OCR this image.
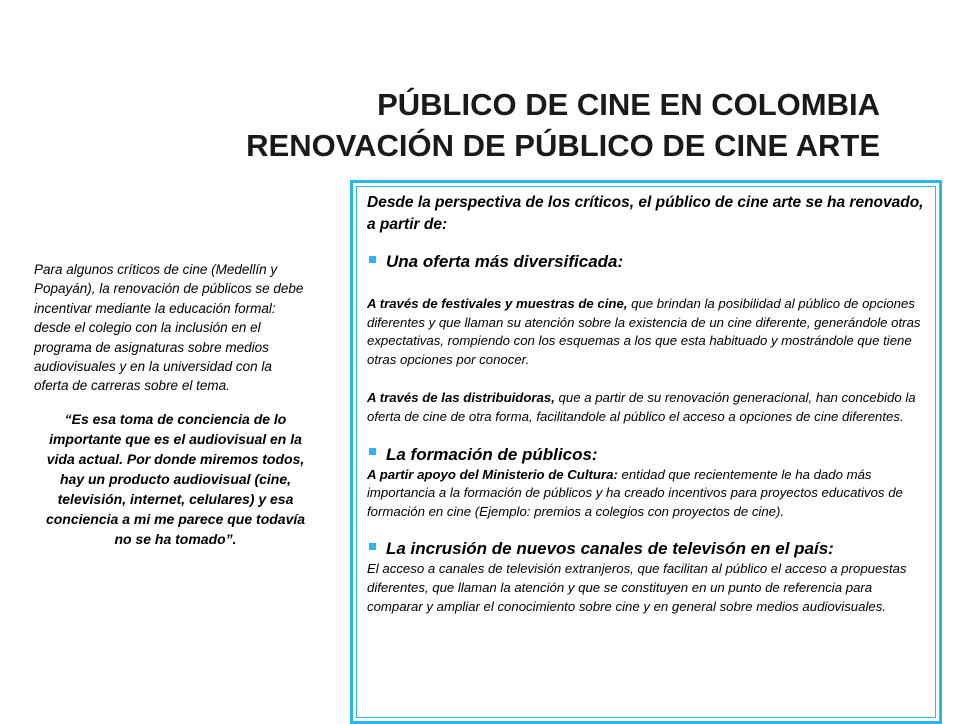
PÚBLICO DE CINE EN COLOMBIA
RENOVACIÓN DE PÚBLICO DE CINE ARTE

Para algunos críticos de cine (Medellín y Popayán), la renovación de públicos se debe incentivar mediante la educación formal: desde el colegio con la inclusión en el programa de asignaturas sobre medios audiovisuales y en la universidad con la oferta de carreras sobre el tema.

“Es esa toma de conciencia de lo importante que es el audiovisual en la vida actual. Por donde miremos todos, hay un producto audiovisual (cine, televisión, internet, celulares) y esa conciencia a mi me parece que todavía no se ha tomado”.

Desde la perspectiva de los críticos, el público de cine arte se ha renovado, a partir de:

Una oferta más diversificada:

A través de festivales y muestras de cine, que brindan la posibilidad al público de opciones diferentes y que llaman su atención sobre la existencia de un cine diferente, generándole otras expectativas, rompiendo con los esquemas a los que esta habituado y mostrándole que tiene otras opciones por conocer.

A través de las distribuidoras, que a partir de su renovación generacional, han concebido la oferta de cine de otra forma, facilitandole al público el acceso a opciones de cine diferentes.

La formación de públicos:

A partir apoyo del Ministerio de Cultura: entidad que recientemente le ha dado más importancia a la formación de públicos y ha creado incentivos para proyectos educativos de formación en cine (Ejemplo: premios a colegios con proyectos de cine).

La incrusión de nuevos canales de televisón en el país:

El acceso a canales de televisión extranjeros, que facilitan al público el acceso a propuestas diferentes, que llaman la atención y que se constituyen en un punto de referencia para comparar y ampliar el conocimiento sobre cine y en general sobre medios audiovisuales.
